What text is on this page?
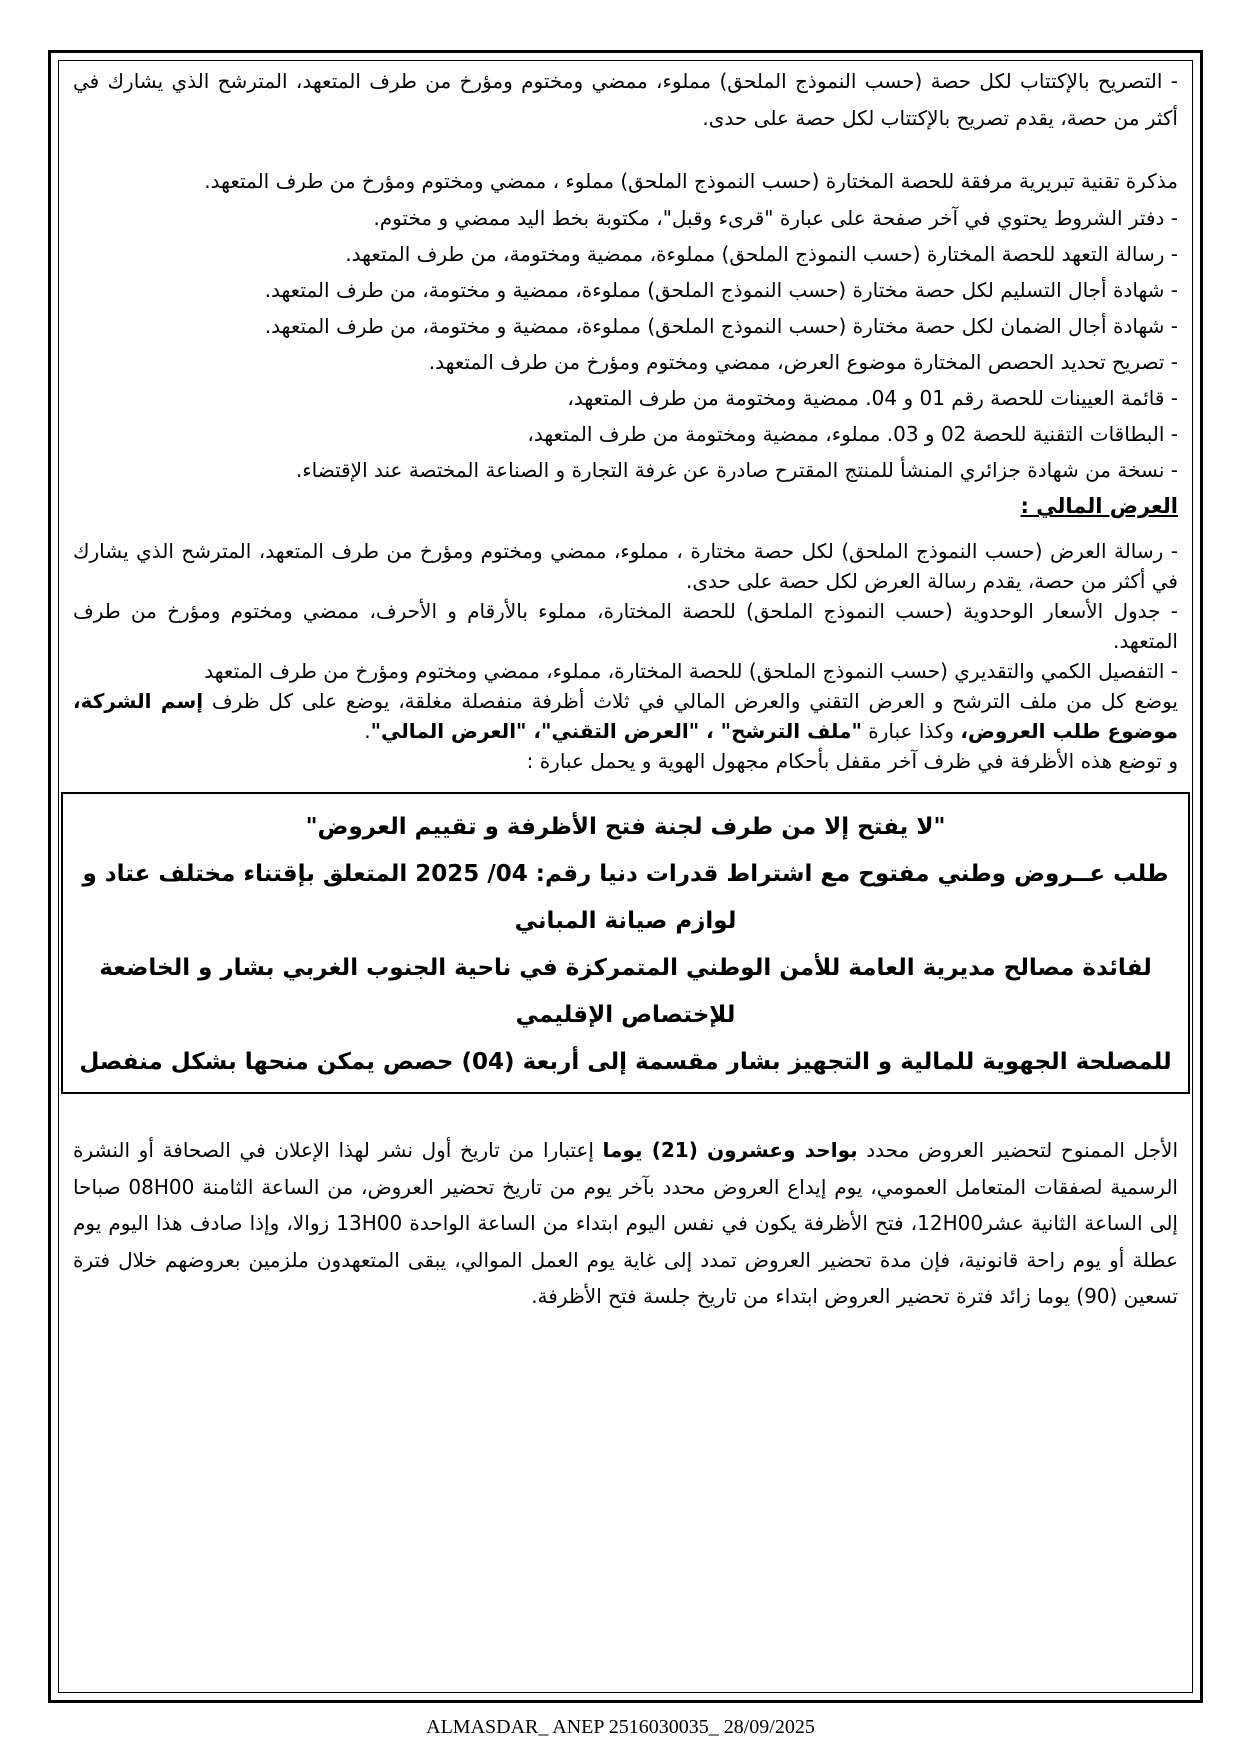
- التصريح بالإكتتاب لكل حصة (حسب النموذج الملحق) مملوء، ممضي ومختوم ومؤرخ من طرف المتعهد، المترشح الذي يشارك في أكثر من حصة، يقدم تصريح بالإكتتاب لكل حصة على حدى.

مذكرة تقنية تبريرية مرفقة للحصة المختارة (حسب النموذج الملحق) مملوء ، ممضي ومختوم ومؤرخ من طرف المتعهد.

- دفتر الشروط يحتوي في آخر صفحة على عبارة "قرىء وقبل"، مكتوبة بخط اليد ممضي و مختوم.

- رسالة التعهد للحصة المختارة (حسب النموذج الملحق) مملوءة، ممضية ومختومة، من طرف المتعهد.

- شهادة أجال التسليم لكل حصة مختارة (حسب النموذج الملحق) مملوءة، ممضية و مختومة، من طرف المتعهد.

- شهادة أجال الضمان لكل حصة مختارة (حسب النموذج الملحق) مملوءة، ممضية و مختومة، من طرف المتعهد.

- تصريح تحديد الحصص المختارة موضوع العرض، ممضي ومختوم ومؤرخ من طرف المتعهد.

- قائمة العيينات للحصة رقم 01 و 04. ممضية ومختومة من طرف المتعهد،

- البطاقات التقنية للحصة 02 و 03. مملوء، ممضية ومختومة من طرف المتعهد،

- نسخة من شهادة جزائري المنشأ للمنتج المقترح صادرة عن غرفة التجارة و الصناعة المختصة عند الإقتضاء.

العرض المالي :

- رسالة العرض (حسب النموذج الملحق) لكل حصة مختارة ، مملوء، ممضي ومختوم ومؤرخ من طرف المتعهد، المترشح الذي يشارك في أكثر من حصة، يقدم رسالة العرض لكل حصة على حدى.

- جدول الأسعار الوحدوية (حسب النموذج الملحق) للحصة المختارة، مملوء بالأرقام و الأحرف، ممضي ومختوم ومؤرخ من طرف المتعهد.

- التفصيل الكمي والتقديري (حسب النموذج الملحق) للحصة المختارة، مملوء، ممضي ومختوم ومؤرخ من طرف المتعهد

يوضع كل من ملف الترشح و العرض التقني والعرض المالي في ثلاث أظرفة منفصلة مغلقة، يوضع على كل ظرف إسم الشركة، موضوع طلب العروض، وكذا عبارة "ملف الترشح" ، "العرض التقني"، "العرض المالي".

و توضع هذه الأظرفة في ظرف آخر مقفل بأحكام مجهول الهوية و يحمل عبارة :

"لا يفتح إلا من طرف لجنة فتح الأظرفة و تقييم العروض"

طلب عــروض وطني مفتوح مع اشتراط قدرات دنيا رقم: 04/ 2025 المتعلق بإقتناء مختلف عتاد و لوازم صيانة المباني

لفائدة مصالح مديرية العامة للأمن الوطني المتمركزة في ناحية الجنوب الغربي بشار و الخاضعة للإختصاص الإقليمي

للمصلحة الجهوية للمالية و التجهيز بشار مقسمة إلى أربعة (04) حصص يمكن منحها بشكل منفصل

الأجل الممنوح لتحضير العروض محدد بواحد وعشرون (21) يوما إعتبارا من تاريخ أول نشر لهذا الإعلان في الصحافة أو النشرة الرسمية لصفقات المتعامل العمومي، يوم إيداع العروض محدد بآخر يوم من تاريخ تحضير العروض، من الساعة الثامنة 08H00 صباحا إلى الساعة الثانية عشر12H00، فتح الأظرفة يكون في نفس اليوم ابتداء من الساعة الواحدة 13H00 زوالا، وإذا صادف هذا اليوم يوم عطلة أو يوم راحة قانونية، فإن مدة تحضير العروض تمدد إلى غاية يوم العمل الموالي، يبقى المتعهدون ملزمين بعروضهم خلال فترة تسعين (90) يوما زائد فترة تحضير العروض ابتداء من تاريخ جلسة فتح الأظرفة.

ALMASDAR_ ANEP 2516030035_ 28/09/2025
